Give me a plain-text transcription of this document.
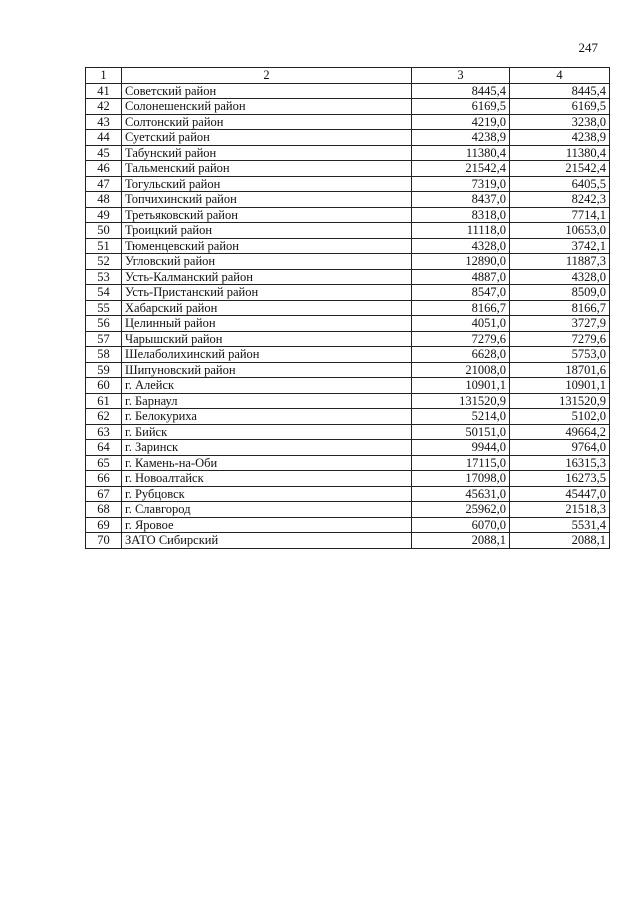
247
1	2	3	4
41	Советский район	8445,4	8445,4
42	Солонешенский район	6169,5	6169,5
43	Солтонский район	4219,0	3238,0
44	Суетский район	4238,9	4238,9
45	Табунский район	11380,4	11380,4
46	Тальменский район	21542,4	21542,4
47	Тогульский район	7319,0	6405,5
48	Топчихинский район	8437,0	8242,3
49	Третьяковский район	8318,0	7714,1
50	Троицкий район	11118,0	10653,0
51	Тюменцевский район	4328,0	3742,1
52	Угловский район	12890,0	11887,3
53	Усть-Калманский район	4887,0	4328,0
54	Усть-Пристанский район	8547,0	8509,0
55	Хабарский район	8166,7	8166,7
56	Целинный район	4051,0	3727,9
57	Чарышский район	7279,6	7279,6
58	Шелаболихинский район	6628,0	5753,0
59	Шипуновский район	21008,0	18701,6
60	г. Алейск	10901,1	10901,1
61	г. Барнаул	131520,9	131520,9
62	г. Белокуриха	5214,0	5102,0
63	г. Бийск	50151,0	49664,2
64	г. Заринск	9944,0	9764,0
65	г. Камень-на-Оби	17115,0	16315,3
66	г. Новоалтайск	17098,0	16273,5
67	г. Рубцовск	45631,0	45447,0
68	г. Славгород	25962,0	21518,3
69	г. Яровое	6070,0	5531,4
70	ЗАТО Сибирский	2088,1	2088,1
